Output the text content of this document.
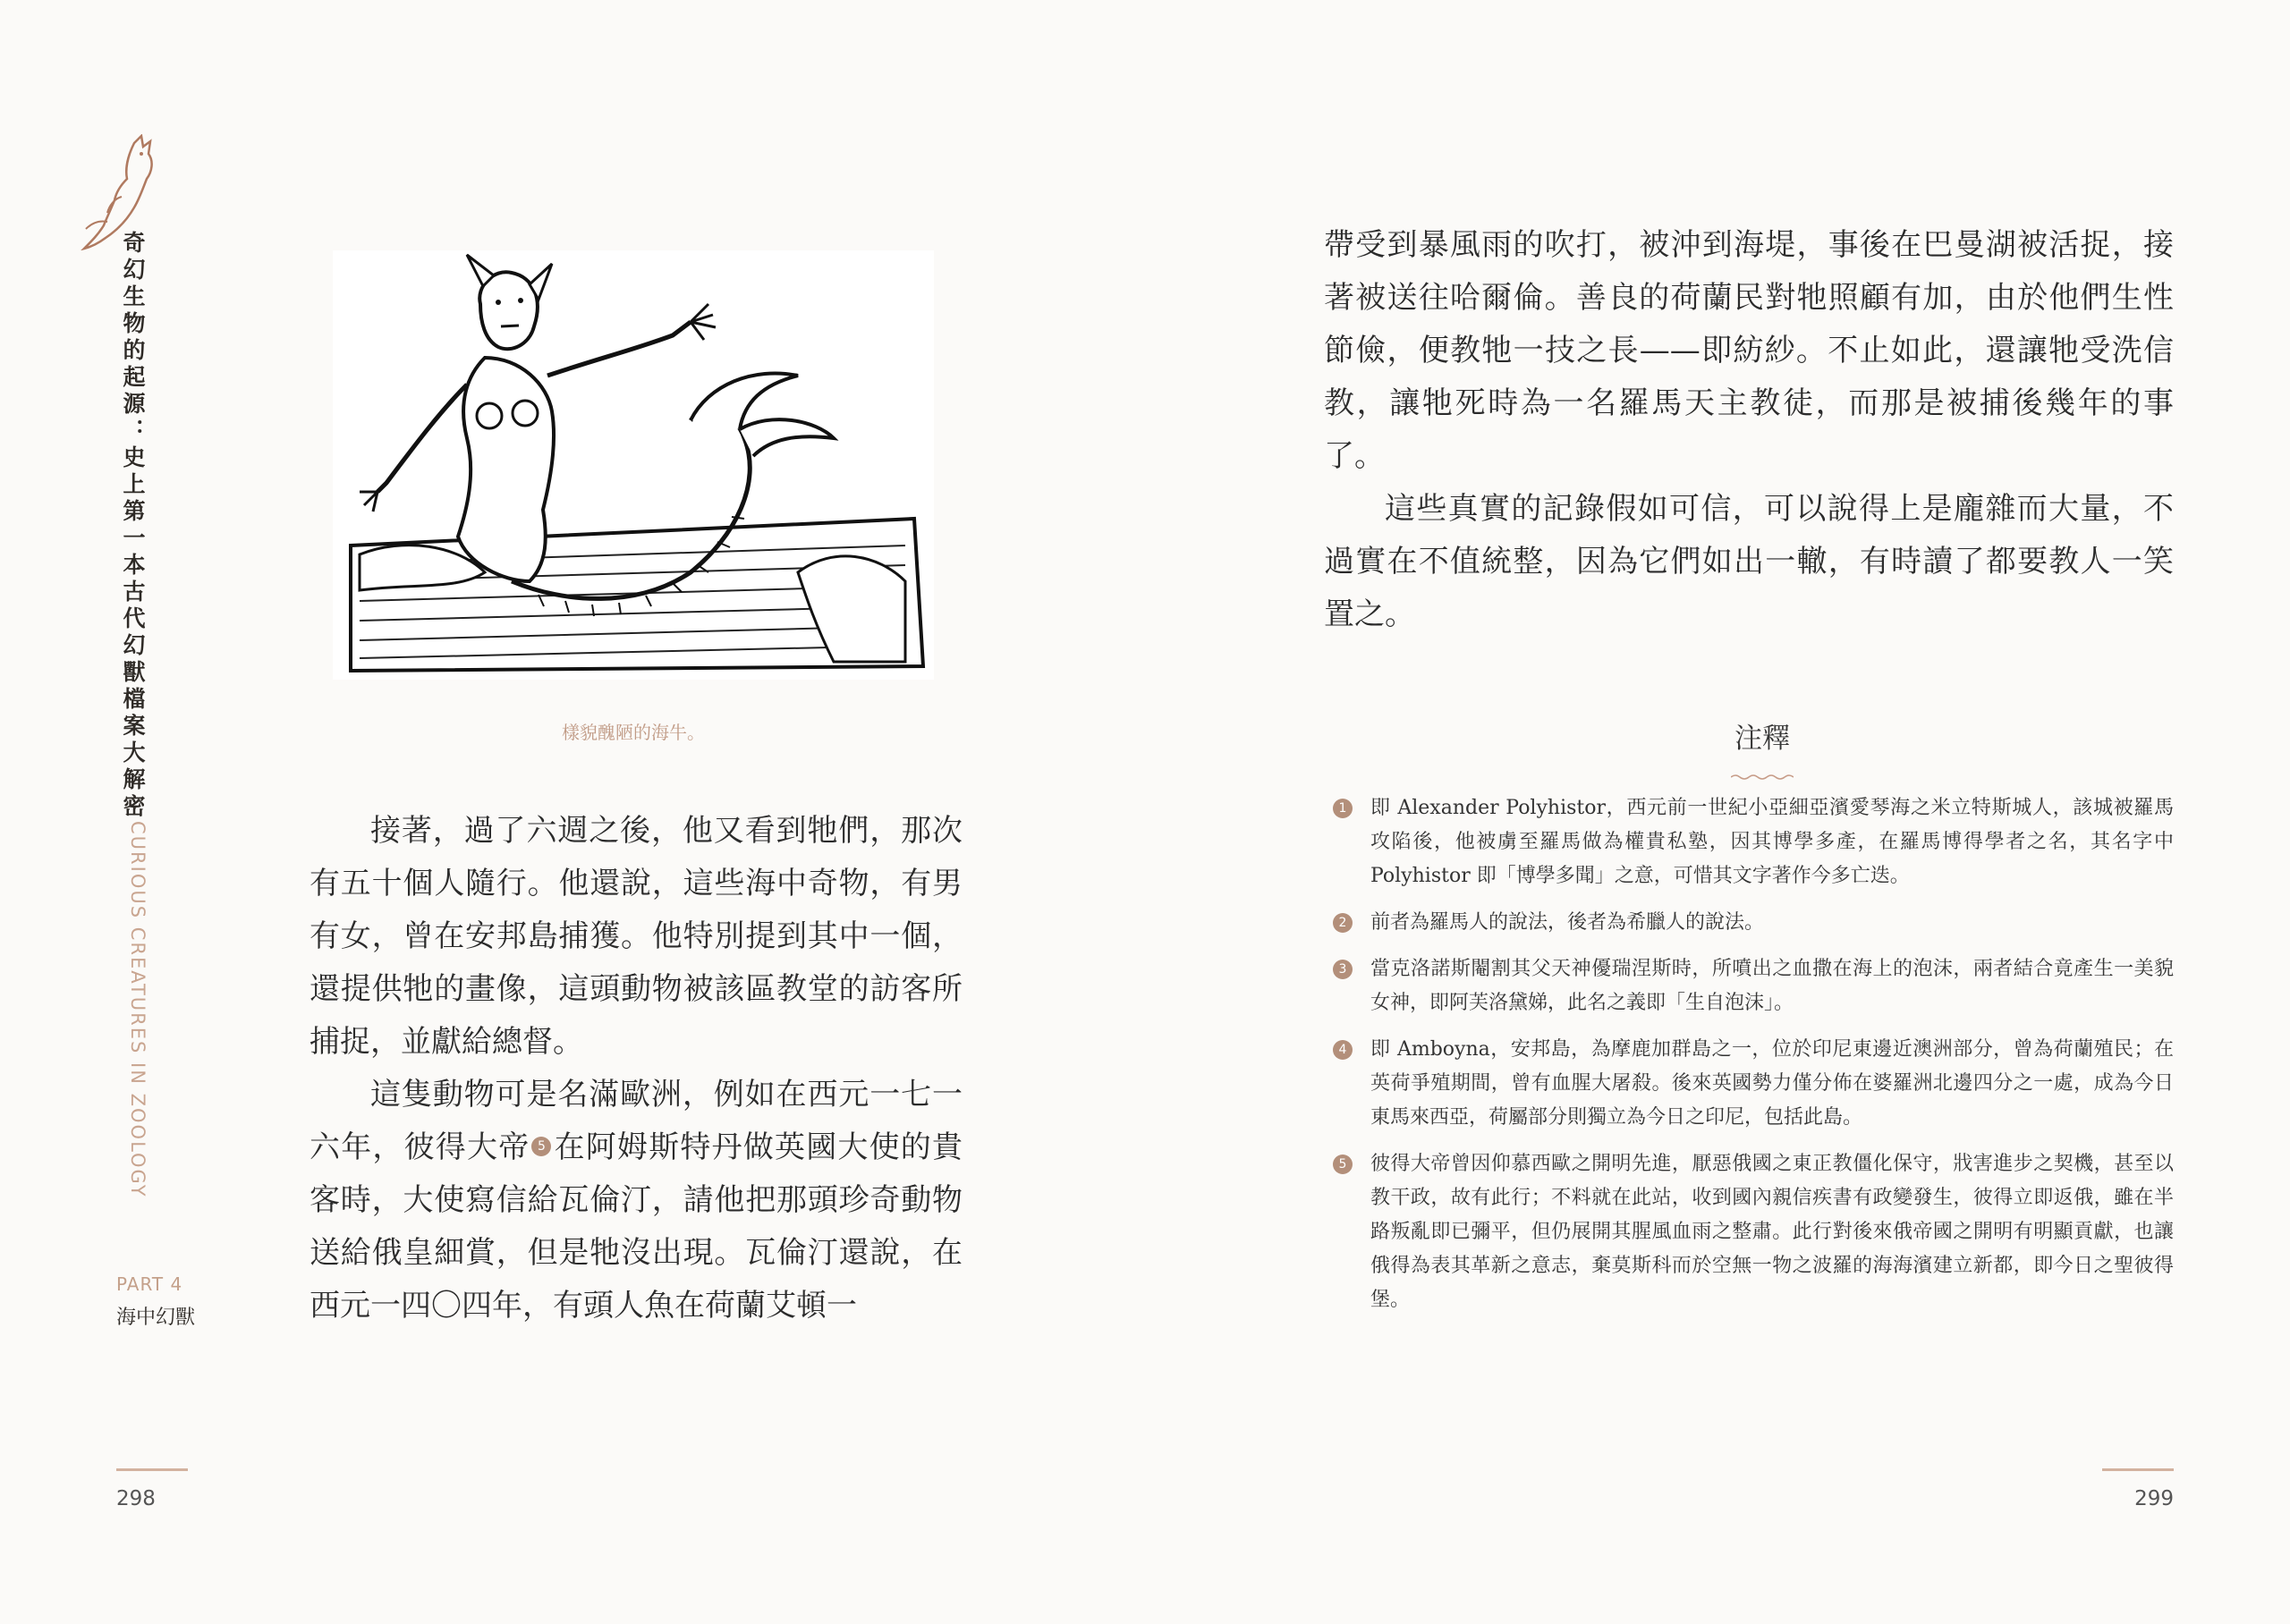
奇幻生物的起源：史上第一本古代幻獸檔案大解密
CURIOUS CREATURES IN ZOOLOGY
樣貌醜陋的海牛。

接著，過了六週之後，他又看到牠們，那次有五十個人隨行。他還說，這些海中奇物，有男有女，曾在安邦島捕獲。他特別提到其中一個，還提供牠的畫像，這頭動物被該區教堂的訪客所捕捉，並獻給總督。

這隻動物可是名滿歐洲，例如在西元一七一六年，彼得大帝 5 在阿姆斯特丹做英國大使的貴客時，大使寫信給瓦倫汀，請他把那頭珍奇動物送給俄皇細賞，但是牠沒出現。瓦倫汀還說，在西元一四〇四年，有頭人魚在荷蘭艾頓一

PART 4
海中幻獸
298	299

帶受到暴風雨的吹打，被沖到海堤，事後在巴曼湖被活捉，接著被送往哈爾倫。善良的荷蘭民對牠照顧有加，由於他們生性節儉，便教牠一技之長——即紡紗。不止如此，還讓牠受洗信教，讓牠死時為一名羅馬天主教徒，而那是被捕後幾年的事了。

這些真實的記錄假如可信，可以說得上是龐雜而大量，不過實在不值統整，因為它們如出一轍，有時讀了都要教人一笑置之。

注釋
1 即 Alexander Polyhistor，西元前一世紀小亞細亞濱愛琴海之米立特斯城人，該城被羅馬攻陷後，他被虜至羅馬做為權貴私塾，因其博學多產，在羅馬博得學者之名，其名字中 Polyhistor 即「博學多聞」之意，可惜其文字著作今多亡迭。
2 前者為羅馬人的說法，後者為希臘人的說法。
3 當克洛諾斯閹割其父天神優瑞涅斯時，所噴出之血撒在海上的泡沫，兩者結合竟產生一美貌女神，即阿芙洛黛娣，此名之義即「生自泡沫」。
4 即 Amboyna，安邦島，為摩鹿加群島之一，位於印尼東邊近澳洲部分，曾為荷蘭殖民；在英荷爭殖期間，曾有血腥大屠殺。後來英國勢力僅分佈在婆羅洲北邊四分之一處，成為今日東馬來西亞，荷屬部分則獨立為今日之印尼，包括此島。
5 彼得大帝曾因仰慕西歐之開明先進，厭惡俄國之東正教僵化保守，戕害進步之契機，甚至以教干政，故有此行；不料就在此站，收到國內親信疾書有政變發生，彼得立即返俄，雖在半路叛亂即已彌平，但仍展開其腥風血雨之整肅。此行對後來俄帝國之開明有明顯貢獻，也讓俄得為表其革新之意志，棄莫斯科而於空無一物之波羅的海海濱建立新都，即今日之聖彼得堡。
